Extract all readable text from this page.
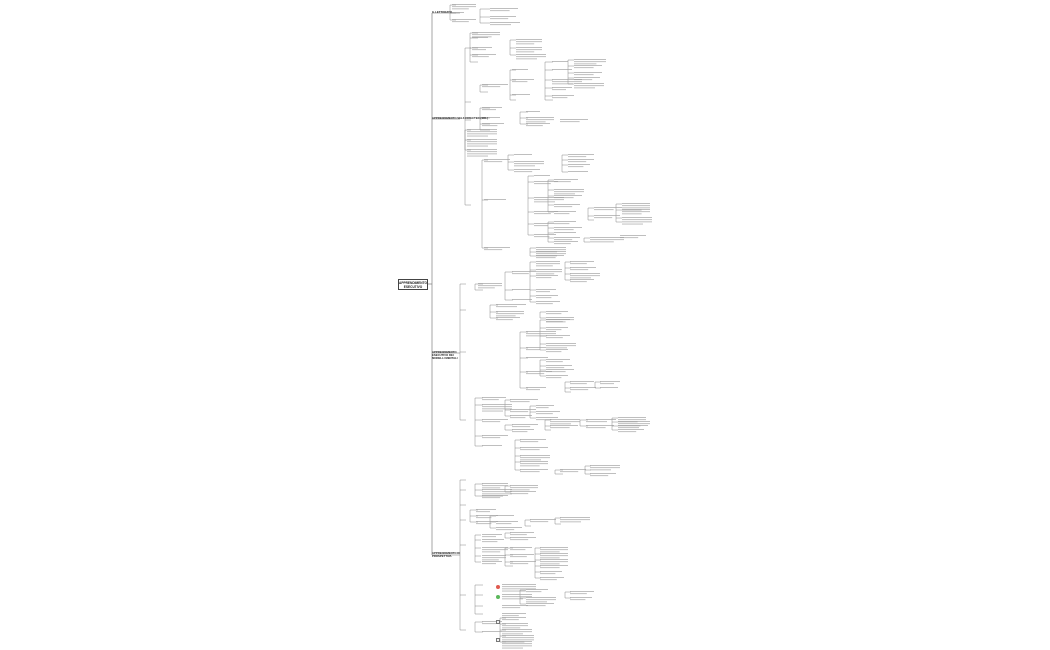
APPRENDIMENTO
ESECUTIVO
IL LETTORATO
APPRENDIMENTO SELF-DIRECTED (SDL)
APPRENDIMENTO ESECUTIVO DEI MODELLI MENTALI
APPRENDIMENTO DI PROSPETTIVA
